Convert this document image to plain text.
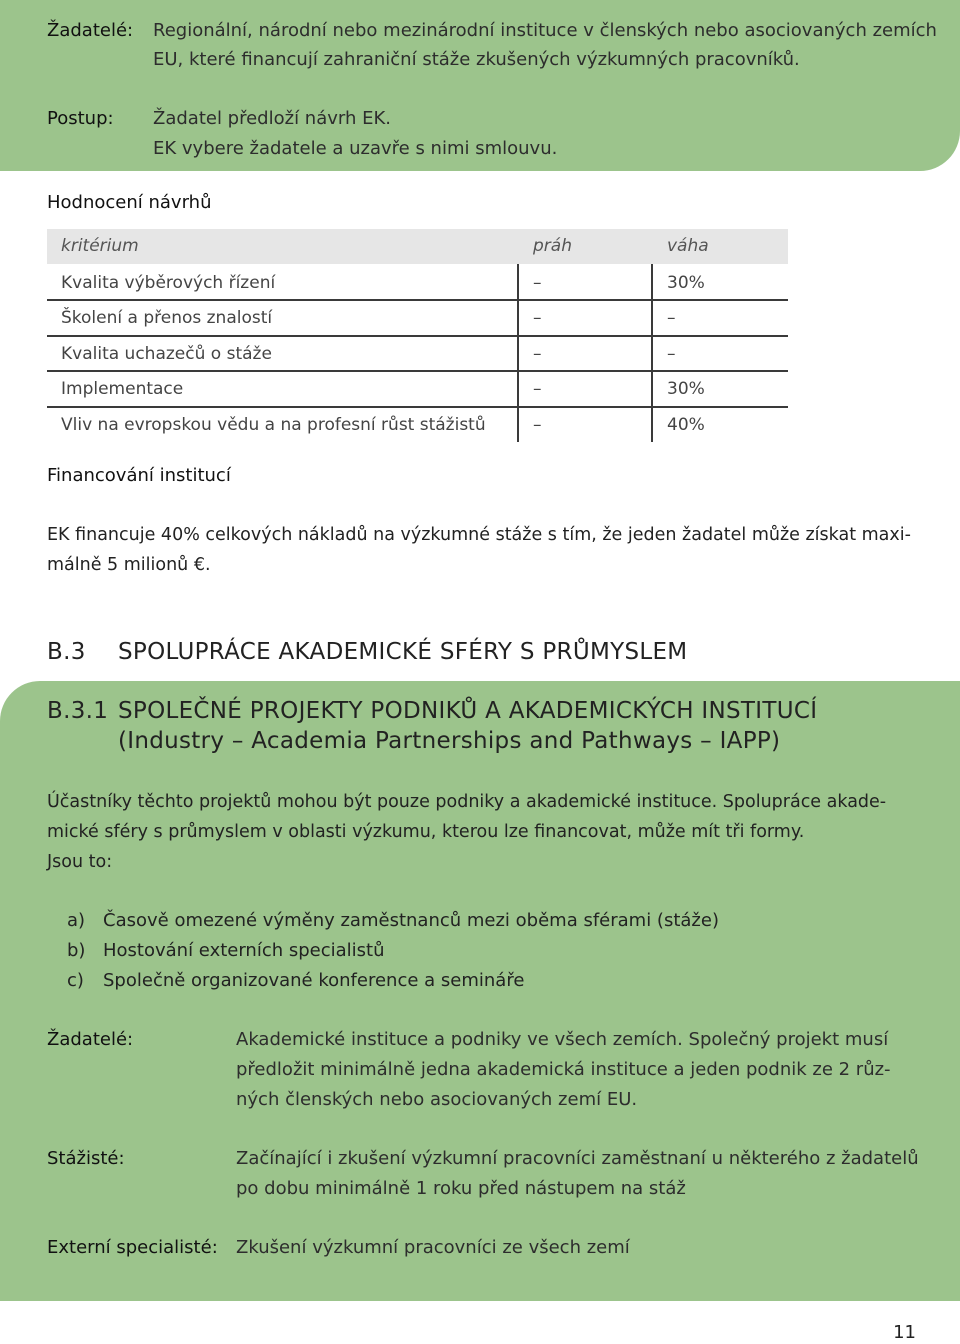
Žadatelé: Regionální, národní nebo mezinárodní instituce v členských nebo asociovaných zemích
EU, které financují zahraniční stáže zkušených výzkumných pracovníků.
Postup: Žadatel předloží návrh EK.
EK vybere žadatele a uzavře s nimi smlouvu.
Hodnocení návrhů
kritérium	práh	váha
Kvalita výběrových řízení	–	30%
Školení a přenos znalostí	–	–
Kvalita uchazečů o stáže	–	–
Implementace	–	30%
Vliv na evropskou vědu a na profesní růst stážistů	–	40%
Financování institucí
EK financuje 40% celkových nákladů na výzkumné stáže s tím, že jeden žadatel může získat maxi-
málně 5 milionů €.
B.3 SPOLUPRÁCE AKADEMICKÉ SFÉRY S PRŮMYSLEM
B.3.1 SPOLEČNÉ PROJEKTY PODNIKŮ A AKADEMICKÝCH INSTITUCÍ
(Industry – Academia Partnerships and Pathways – IAPP)
Účastníky těchto projektů mohou být pouze podniky a akademické instituce. Spolupráce akade-
mické sféry s průmyslem v oblasti výzkumu, kterou lze financovat, může mít tři formy.
Jsou to:
a) Časově omezené výměny zaměstnanců mezi oběma sférami (stáže)
b) Hostování externích specialistů
c) Společně organizované konference a semináře
Žadatelé:	Akademické instituce a podniky ve všech zemích. Společný projekt musí
předložit minimálně jedna akademická instituce a jeden podnik ze 2 růz-
ných členských nebo asociovaných zemí EU.
Stážisté:	Začínající i zkušení výzkumní pracovníci zaměstnaní u některého z žadatelů
po dobu minimálně 1 roku před nástupem na stáž
Externí specialisté: Zkušení výzkumní pracovníci ze všech zemí
11
